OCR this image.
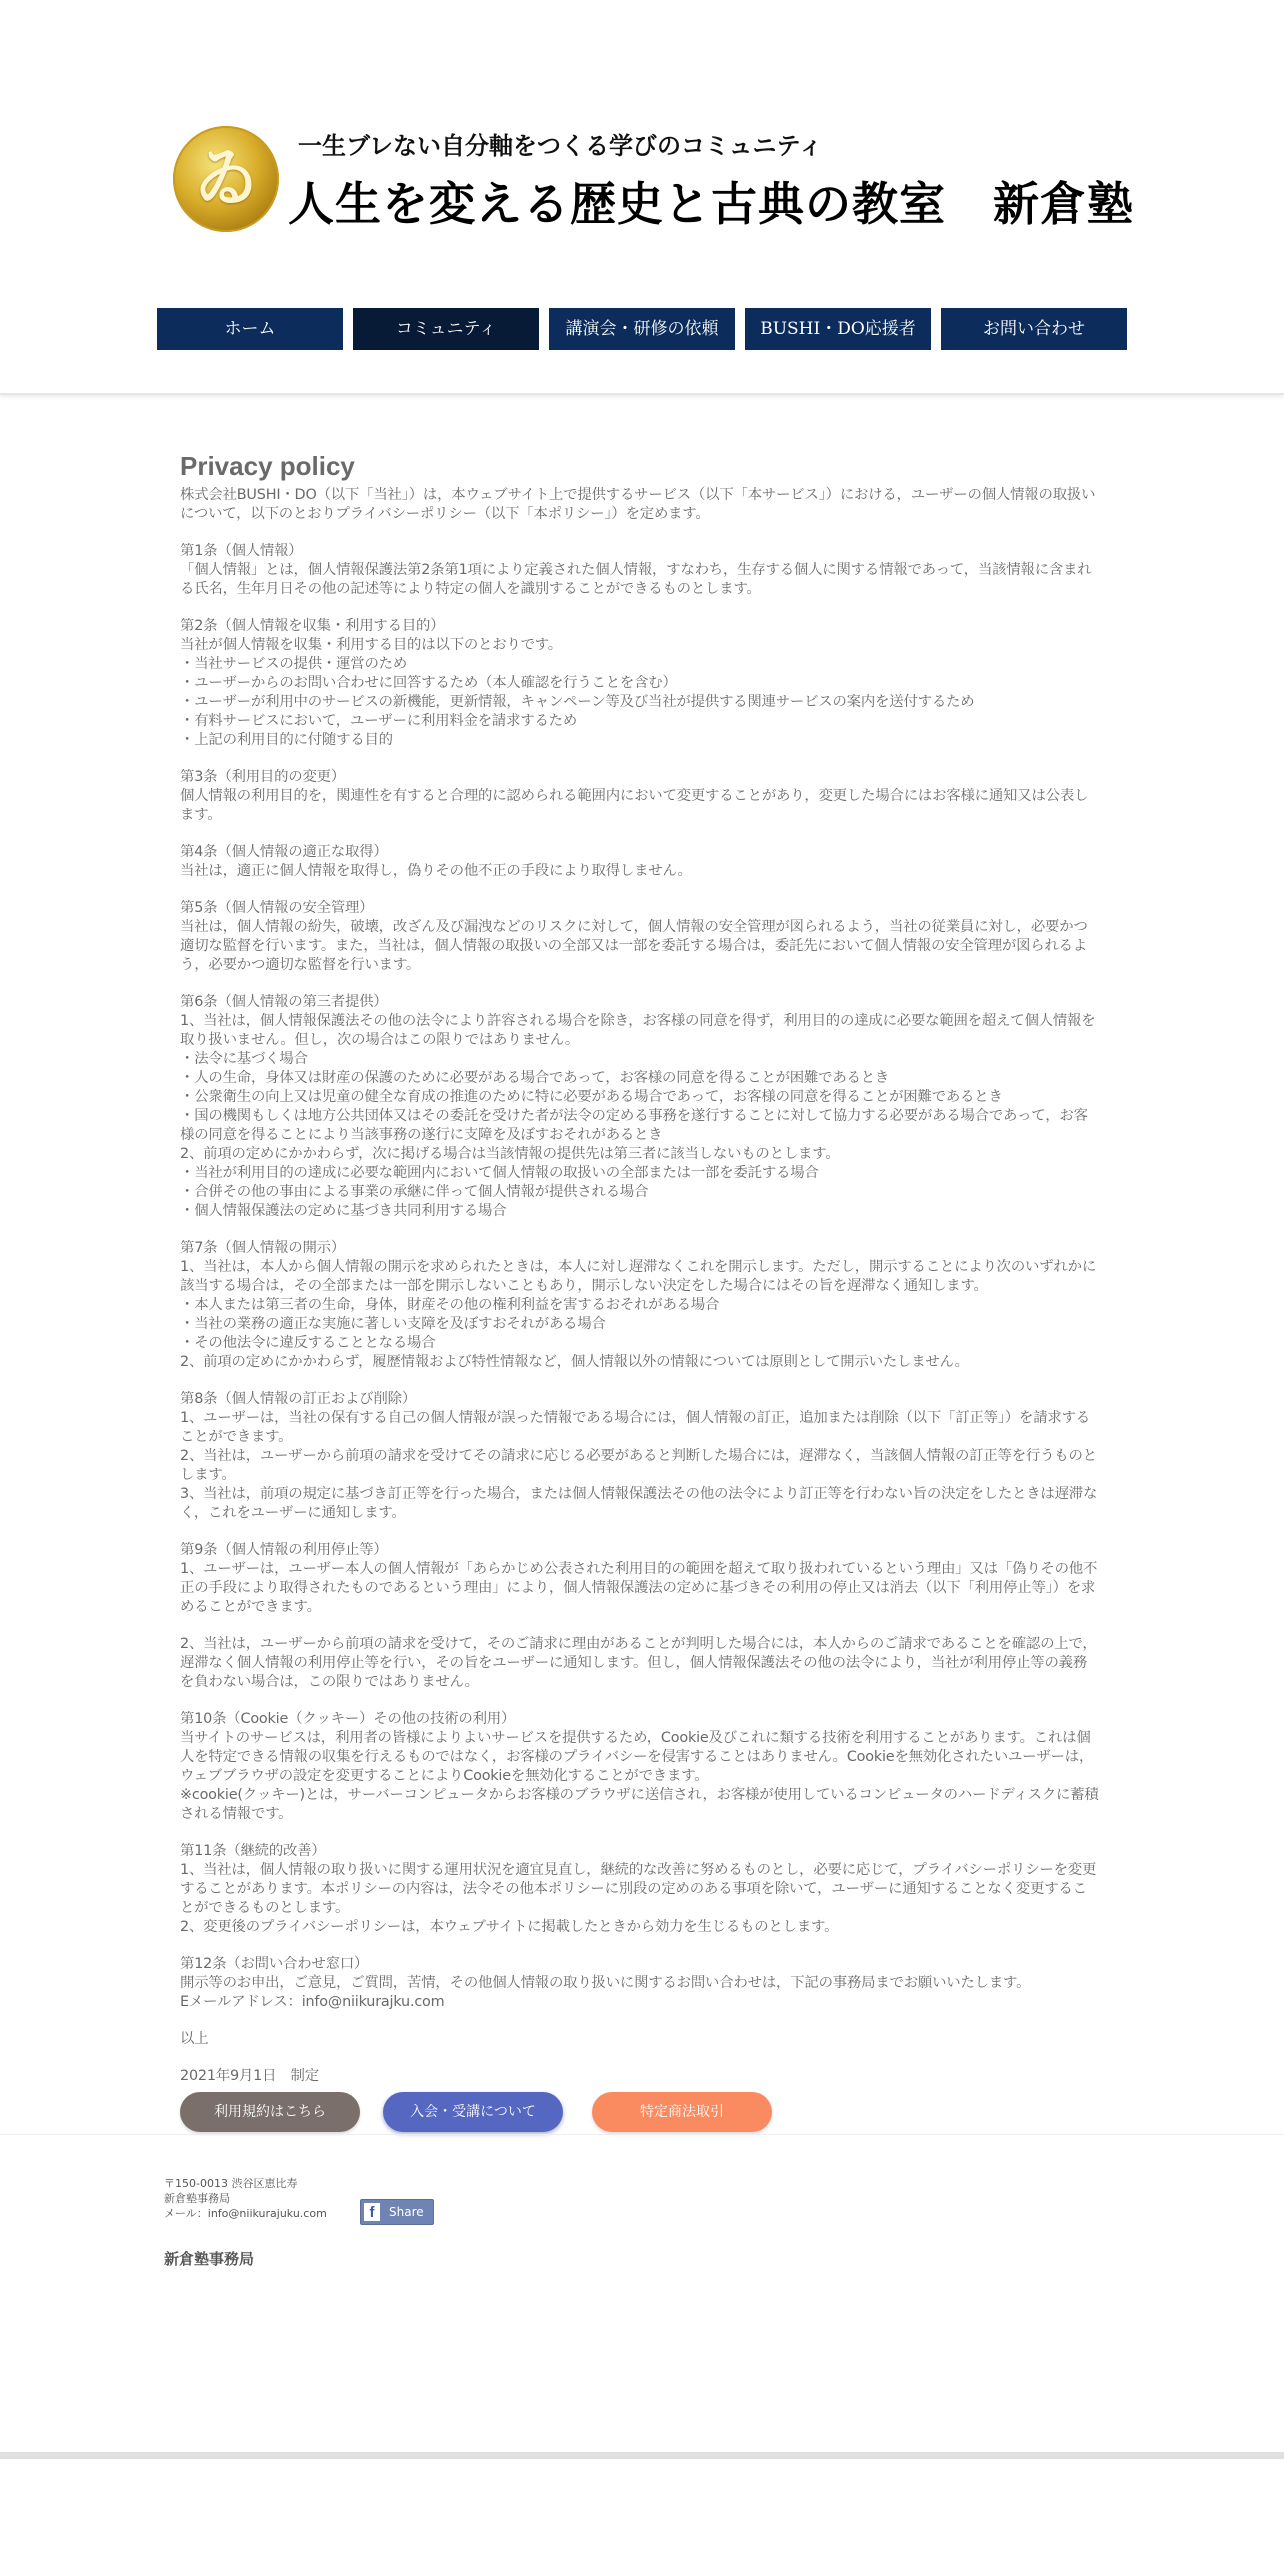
ゐ	一生ブレない自分軸をつくる学びのコミュニティ
人生を変える歴史と古典の教室　新倉塾
ホーム	コミュニティ	講演会・研修の依頼	BUSHI・DO応援者	お問い合わせ
Privacy policy

株式会社BUSHI・DO（以下「当社」）は，本ウェブサイト上で提供するサービス（以下「本サービス」）における，ユーザーの個人情報の取扱いについて，以下のとおりプライバシーポリシー（以下「本ポリシー」）を定めます。

第1条（個人情報）
「個人情報」とは，個人情報保護法第2条第1項により定義された個人情報，すなわち，生存する個人に関する情報であって，当該情報に含まれる氏名，生年月日その他の記述等により特定の個人を識別することができるものとします。

第2条（個人情報を収集・利用する目的）
当社が個人情報を収集・利用する目的は以下のとおりです。
・当社サービスの提供・運営のため
・ユーザーからのお問い合わせに回答するため（本人確認を行うことを含む）
・ユーザーが利用中のサービスの新機能，更新情報，キャンペーン等及び当社が提供する関連サービスの案内を送付するため
・有料サービスにおいて，ユーザーに利用料金を請求するため
・上記の利用目的に付随する目的

第3条（利用目的の変更）
個人情報の利用目的を，関連性を有すると合理的に認められる範囲内において変更することがあり，変更した場合にはお客様に通知又は公表します。

第4条（個人情報の適正な取得）
当社は，適正に個人情報を取得し，偽りその他不正の手段により取得しません。

第5条（個人情報の安全管理）
当社は，個人情報の紛失，破壊，改ざん及び漏洩などのリスクに対して，個人情報の安全管理が図られるよう，当社の従業員に対し，必要かつ適切な監督を行います。また，当社は，個人情報の取扱いの全部又は一部を委託する場合は，委託先において個人情報の安全管理が図られるよう，必要かつ適切な監督を行います。

第6条（個人情報の第三者提供）
1、当社は，個人情報保護法その他の法令により許容される場合を除き，お客様の同意を得ず，利用目的の達成に必要な範囲を超えて個人情報を取り扱いません。但し，次の場合はこの限りではありません。
・法令に基づく場合
・人の生命，身体又は財産の保護のために必要がある場合であって，お客様の同意を得ることが困難であるとき
・公衆衛生の向上又は児童の健全な育成の推進のために特に必要がある場合であって，お客様の同意を得ることが困難であるとき
・国の機関もしくは地方公共団体又はその委託を受けた者が法令の定める事務を遂行することに対して協力する必要がある場合であって，お客様の同意を得ることにより当該事務の遂行に支障を及ぼすおそれがあるとき
2、前項の定めにかかわらず，次に掲げる場合は当該情報の提供先は第三者に該当しないものとします。
・当社が利用目的の達成に必要な範囲内において個人情報の取扱いの全部または一部を委託する場合
・合併その他の事由による事業の承継に伴って個人情報が提供される場合
・個人情報保護法の定めに基づき共同利用する場合

第7条（個人情報の開示）
1、当社は，本人から個人情報の開示を求められたときは，本人に対し遅滞なくこれを開示します。ただし，開示することにより次のいずれかに該当する場合は，その全部または一部を開示しないこともあり，開示しない決定をした場合にはその旨を遅滞なく通知します。
・本人または第三者の生命，身体，財産その他の権利利益を害するおそれがある場合
・当社の業務の適正な実施に著しい支障を及ぼすおそれがある場合
・その他法令に違反することとなる場合
2、前項の定めにかかわらず，履歴情報および特性情報など，個人情報以外の情報については原則として開示いたしません。

第8条（個人情報の訂正および削除）
1、ユーザーは，当社の保有する自己の個人情報が誤った情報である場合には，個人情報の訂正，追加または削除（以下「訂正等」）を請求することができます。
2、当社は，ユーザーから前項の請求を受けてその請求に応じる必要があると判断した場合には，遅滞なく，当該個人情報の訂正等を行うものとします。
3、当社は，前項の規定に基づき訂正等を行った場合，または個人情報保護法その他の法令により訂正等を行わない旨の決定をしたときは遅滞なく，これをユーザーに通知します。

第9条（個人情報の利用停止等）
1、ユーザーは，ユーザー本人の個人情報が「あらかじめ公表された利用目的の範囲を超えて取り扱われているという理由」又は「偽りその他不正の手段により取得されたものであるという理由」により，個人情報保護法の定めに基づきその利用の停止又は消去（以下「利用停止等」）を求めることができます。

2、当社は，ユーザーから前項の請求を受けて，そのご請求に理由があることが判明した場合には，本人からのご請求であることを確認の上で，遅滞なく個人情報の利用停止等を行い，その旨をユーザーに通知します。但し，個人情報保護法その他の法令により，当社が利用停止等の義務を負わない場合は，この限りではありません。

第10条（Cookie（クッキー）その他の技術の利用）
当サイトのサービスは，利用者の皆様によりよいサービスを提供するため，Cookie及びこれに類する技術を利用することがあります。これは個人を特定できる情報の収集を行えるものではなく，お客様のプライバシーを侵害することはありません。Cookieを無効化されたいユーザーは，ウェブブラウザの設定を変更することによりCookieを無効化することができます。
※cookie(クッキー)とは，サーバーコンピュータからお客様のブラウザに送信され，お客様が使用しているコンピュータのハードディスクに蓄積される情報です。

第11条（継続的改善）
1、当社は，個人情報の取り扱いに関する運用状況を適宜見直し，継続的な改善に努めるものとし，必要に応じて，プライバシーポリシーを変更することがあります。本ポリシーの内容は，法令その他本ポリシーに別段の定めのある事項を除いて，ユーザーに通知することなく変更することができるものとします。
2、変更後のプライバシーポリシーは，本ウェブサイトに掲載したときから効力を生じるものとします。

第12条（お問い合わせ窓口）
開示等のお申出，ご意見，ご質問，苦情，その他個人情報の取り扱いに関するお問い合わせは，下記の事務局までお願いいたします。
Eメールアドレス：info@niikurajku.com

以上

2021年9月1日　制定

利用規約はこちら	入会・受講について	特定商法取引
〒150-0013 渋谷区恵比寿
新倉塾事務局
メール：info@niikurajuku.com	f	Share
新倉塾事務局
